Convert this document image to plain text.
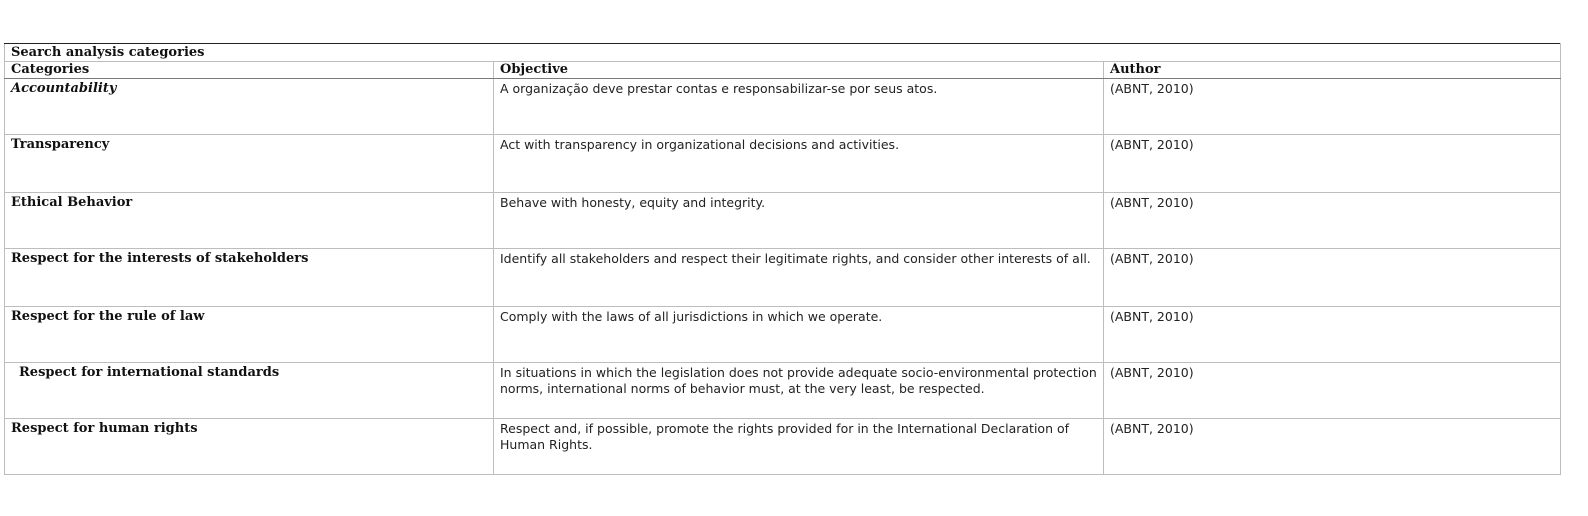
Search analysis categories		
Categories	Objective	Author
Accountability	A organização deve prestar contas e responsabilizar-se por seus atos.	(ABNT, 2010)
Transparency	Act with transparency in organizational decisions and activities.	(ABNT, 2010)
Ethical Behavior	Behave with honesty, equity and integrity.	(ABNT, 2010)
Respect for the interests of stakeholders	Identify all stakeholders and respect their legitimate rights, and consider other interests of all.	(ABNT, 2010)
Respect for the rule of law	Comply with the laws of all jurisdictions in which we operate.	(ABNT, 2010)
Respect for international standards	In situations in which the legislation does not provide adequate socio-environmental protection norms, international norms of behavior must, at the very least, be respected.	(ABNT, 2010)
Respect for human rights	Respect and, if possible, promote the rights provided for in the International Declaration of Human Rights.	(ABNT, 2010)
